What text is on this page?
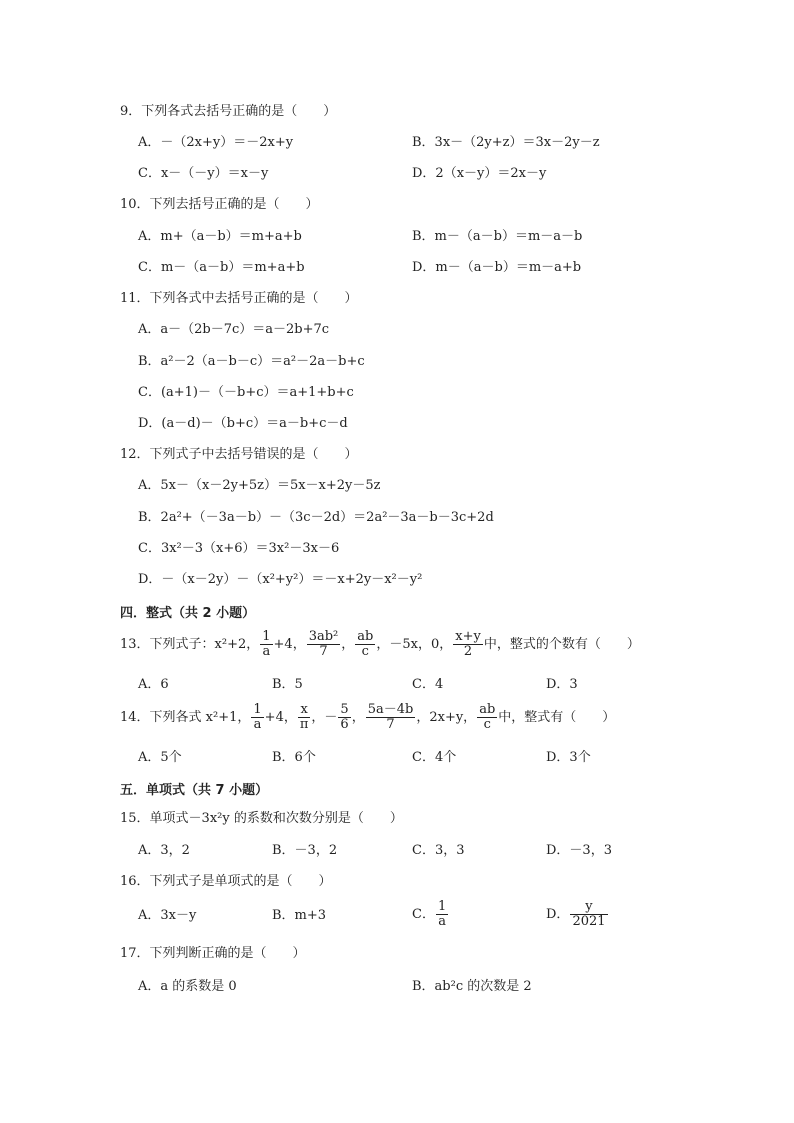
9．下列各式去括号正确的是（　　）
A．－（2x+y）＝－2x+y	B．3x－（2y+z）＝3x－2y－z
C．x－（－y）＝x－y	D．2（x－y）＝2x－y
10．下列去括号正确的是（　　）
A．m+（a－b）＝m+a+b	B．m－（a－b）＝m－a－b
C．m－（a－b）＝m+a+b	D．m－（a－b）＝m－a+b
11．下列各式中去括号正确的是（　　）
A．a－（2b－7c）＝a－2b+7c
B．a²－2（a－b－c）＝a²－2a－b+c
C．(a+1)－（－b+c）＝a+1+b+c
D．(a－d)－（b+c）＝a－b+c－d
12．下列式子中去括号错误的是（　　）
A．5x－（x－2y+5z）＝5x－x+2y－5z
B．2a²+（－3a－b）－（3c－2d）＝2a²－3a－b－3c+2d
C．3x²－3（x+6）＝3x²－3x－6
D．－（x－2y）－（x²+y²）＝－x+2y－x²－y²
四．整式（共 2 小题）
13．下列式子：x²+2， $\frac{1}{a} +4$， $\frac{\text{3ab²}}{7}$ ， $\frac{ab}{c}$ ，－5x，0， $\frac{x+y}{2}$ 中，整式的个数有（　　）
A．6	B．5	C．4	D．3
14．下列各式 x²+1， $\frac{1}{a} +4$， $\frac{x}{\pi}$ ，－ $\frac{5}{6}$ ， $\frac{5a-4b}{7}$ ，2x+y， $\frac{ab}{c}$ 中，整式有（　　）
A．5个	B．6个	C．4个	D．3个
五．单项式（共 7 小题）
15．单项式－3x²y 的系数和次数分别是（　　）
A．3，2	B．－3，2	C．3，3	D．－3，3
16．下列式子是单项式的是（　　）
A．3x－y	B．m+3	C． $\frac{1}{a}$	D． $\frac{y}{2021}$
17．下列判断正确的是（　　）
A．a 的系数是 0	B．ab²c 的次数是 2
